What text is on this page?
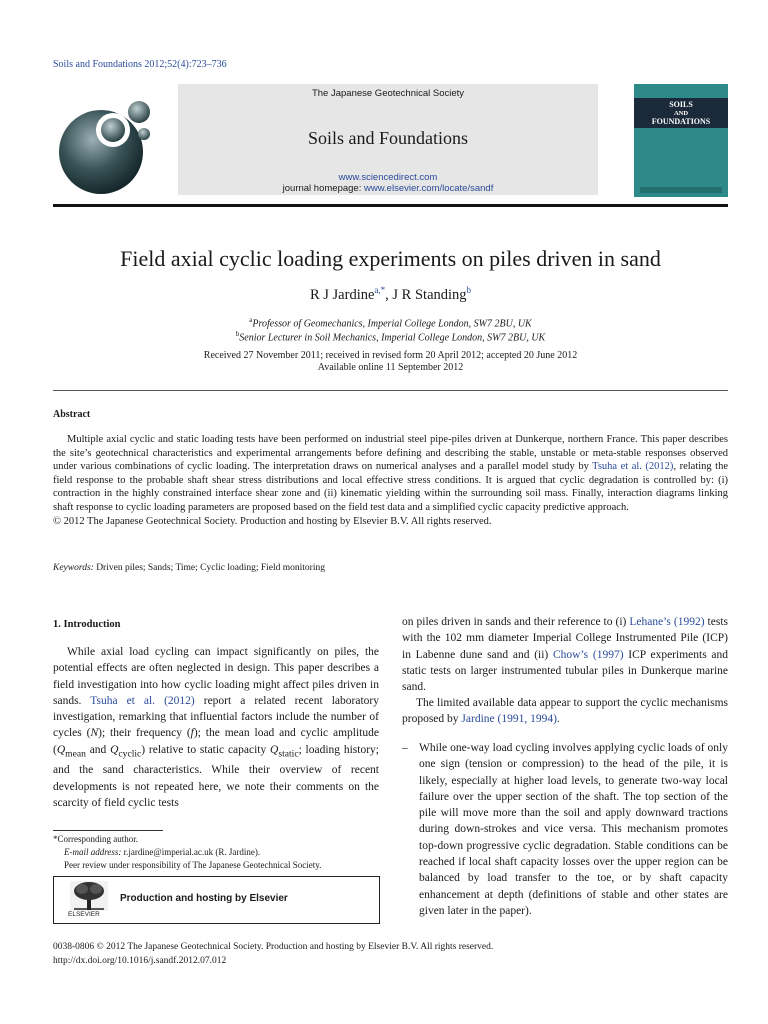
Soils and Foundations 2012;52(4):723–736
The Japanese Geotechnical Society
Soils and Foundations
www.sciencedirect.com
journal homepage: www.elsevier.com/locate/sandf
SOILS
AND
FOUNDATIONS
Field axial cyclic loading experiments on piles driven in sand
R J Jardine$^{a,*}$, J R Standing$^b$
$^a$Professor of Geomechanics, Imperial College London, SW7 2BU, UK
$^b$Senior Lecturer in Soil Mechanics, Imperial College London, SW7 2BU, UK
Received 27 November 2011; received in revised form 20 April 2012; accepted 20 June 2012
Available online 11 September 2012
Abstract
Multiple axial cyclic and static loading tests have been performed on industrial steel pipe-piles driven at Dunkerque, northern France. This paper describes the site’s geotechnical characteristics and experimental arrangements before defining and describing the stable, unstable or meta-stable responses observed under various combinations of cyclic loading. The interpretation draws on numerical analyses and a parallel model study by Tsuha et al. (2012), relating the field response to the probable shaft shear stress distributions and local effective stress conditions. It is argued that cyclic degradation is controlled by: (i) contraction in the highly constrained interface shear zone and (ii) kinematic yielding within the surrounding soil mass. Finally, interaction diagrams linking shaft response to cyclic loading parameters are proposed based on the field test data and a simplified cyclic capacity predictive approach.
© 2012 The Japanese Geotechnical Society. Production and hosting by Elsevier B.V. All rights reserved.
Keywords: Driven piles; Sands; Time; Cyclic loading; Field monitoring
1. Introduction
While axial load cycling can impact significantly on piles, the potential effects are often neglected in design. This paper describes a field investigation into how cyclic loading might affect piles driven in sands. Tsuha et al. (2012) report a related recent laboratory investigation, remarking that influential factors include the number of cycles (N); their frequency (f); the mean load and cyclic amplitude ($Q_{mean}$ and $Q_{cyclic}$) relative to static capacity $Q_{static}$; loading history; and the sand characteristics. While their overview of recent developments is not repeated here, we note their comments on the scarcity of field cyclic tests
on piles driven in sands and their reference to (i) Lehane’s (1992) tests with the 102 mm diameter Imperial College Instrumented Pile (ICP) in Labenne dune sand and (ii) Chow’s (1997) ICP experiments and static tests on larger instrumented tubular piles in Dunkerque marine sand.
The limited available data appear to support the cyclic mechanisms proposed by Jardine (1991, 1994).
– While one-way load cycling involves applying cyclic loads of only one sign (tension or compression) to the head of the pile, it is likely, especially at higher load levels, to generate two-way local failure over the upper section of the shaft. The top section of the pile will move more than the soil and apply downward tractions during down-strokes and vice versa. This mechanism promotes top-down progressive cyclic degradation. Stable conditions can be reached if local shaft capacity losses over the upper region can be balanced by load transfer to the toe, or by shaft capacity enhancement at depth (definitions of stable and other states are given later in the paper).
*Corresponding author.
E-mail address: r.jardine@imperial.ac.uk (R. Jardine).
Peer review under responsibility of The Japanese Geotechnical Society.
ELSEVIER
Production and hosting by Elsevier
0038-0806 © 2012 The Japanese Geotechnical Society. Production and hosting by Elsevier B.V. All rights reserved.
http://dx.doi.org/10.1016/j.sandf.2012.07.012
